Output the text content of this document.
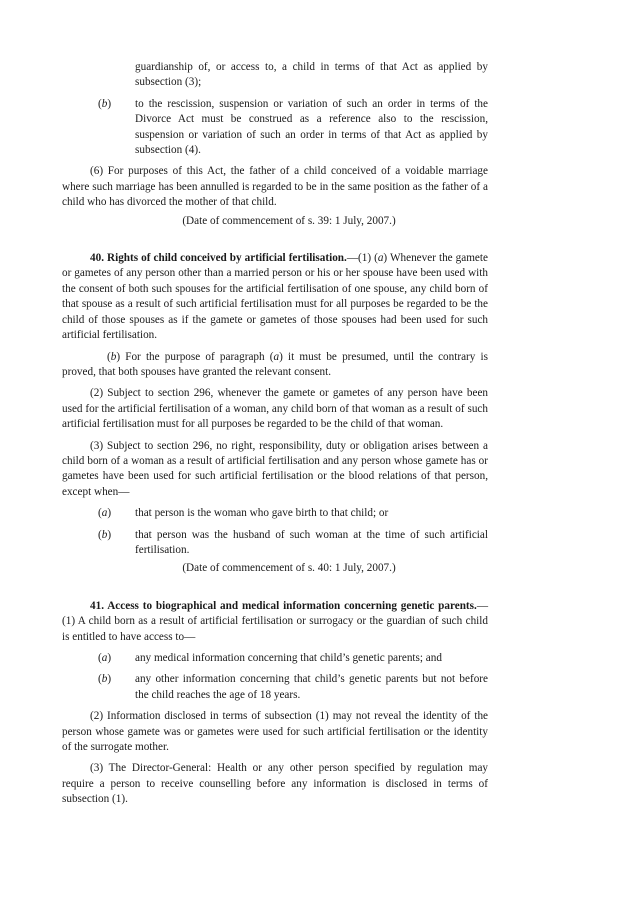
guardianship of, or access to, a child in terms of that Act as applied by subsection (3);

(b)	to the rescission, suspension or variation of such an order in terms of the Divorce Act must be construed as a reference also to the rescission, suspension or variation of such an order in terms of that Act as applied by subsection (4).

(6) For purposes of this Act, the father of a child conceived of a voidable marriage where such marriage has been annulled is regarded to be in the same position as the father of a child who has divorced the mother of that child.

(Date of commencement of s. 39: 1 July, 2007.)

40. Rights of child conceived by artificial fertilisation.—(1) (a) Whenever the gamete or gametes of any person other than a married person or his or her spouse have been used with the consent of both such spouses for the artificial fertilisation of one spouse, any child born of that spouse as a result of such artificial fertilisation must for all purposes be regarded to be the child of those spouses as if the gamete or gametes of those spouses had been used for such artificial fertilisation.

(b) For the purpose of paragraph (a) it must be presumed, until the contrary is proved, that both spouses have granted the relevant consent.

(2) Subject to section 296, whenever the gamete or gametes of any person have been used for the artificial fertilisation of a woman, any child born of that woman as a result of such artificial fertilisation must for all purposes be regarded to be the child of that woman.

(3) Subject to section 296, no right, responsibility, duty or obligation arises between a child born of a woman as a result of artificial fertilisation and any person whose gamete has or gametes have been used for such artificial fertilisation or the blood relations of that person, except when—

(a)	that person is the woman who gave birth to that child; or
(b)	that person was the husband of such woman at the time of such artificial fertilisation.

(Date of commencement of s. 40: 1 July, 2007.)

41. Access to biographical and medical information concerning genetic parents.—(1) A child born as a result of artificial fertilisation or surrogacy or the guardian of such child is entitled to have access to—

(a)	any medical information concerning that child’s genetic parents; and
(b)	any other information concerning that child’s genetic parents but not before the child reaches the age of 18 years.

(2) Information disclosed in terms of subsection (1) may not reveal the identity of the person whose gamete was or gametes were used for such artificial fertilisation or the identity of the surrogate mother.

(3) The Director-General: Health or any other person specified by regulation may require a person to receive counselling before any information is disclosed in terms of subsection (1).
